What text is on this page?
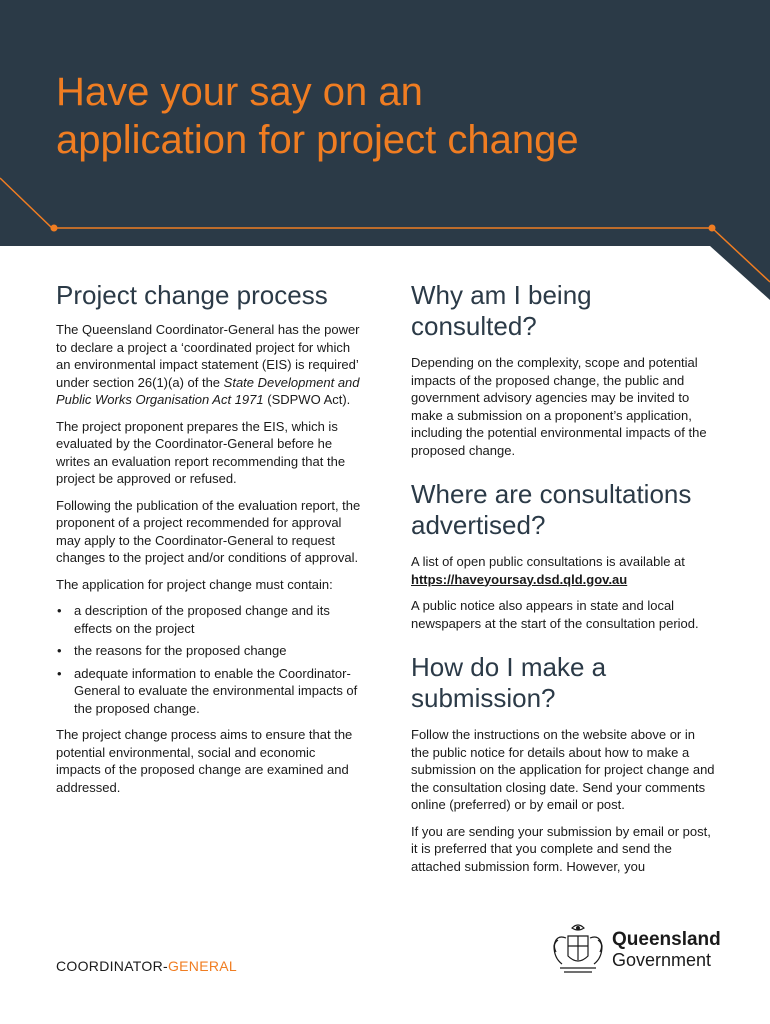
Have your say on an
application for project change
Project change process

The Queensland Coordinator-General has the power to declare a project a ‘coordinated project for which an environmental impact statement (EIS) is required’ under section 26(1)(a) of the State Development and Public Works Organisation Act 1971 (SDPWO Act).

The project proponent prepares the EIS, which is evaluated by the Coordinator-General before he writes an evaluation report recommending that the project be approved or refused.

Following the publication of the evaluation report, the proponent of a project recommended for approval may apply to the Coordinator-General to request changes to the project and/or conditions of approval.

The application for project change must contain:

• a description of the proposed change and its effects on the project
• the reasons for the proposed change
• adequate information to enable the Coordinator-General to evaluate the environmental impacts of the proposed change.

The project change process aims to ensure that the potential environmental, social and economic impacts of the proposed change are examined and addressed.

Why am I being consulted?

Depending on the complexity, scope and potential impacts of the proposed change, the public and government advisory agencies may be invited to make a submission on a proponent’s application, including the potential environmental impacts of the proposed change.

Where are consultations advertised?

A list of open public consultations is available at
https://haveyoursay.dsd.qld.gov.au

A public notice also appears in state and local newspapers at the start of the consultation period.

How do I make a submission?

Follow the instructions on the website above or in the public notice for details about how to make a submission on the application for project change and the consultation closing date. Send your comments online (preferred) or by email or post.

If you are sending your submission by email or post, it is preferred that you complete and send the attached submission form. However, you

COORDINATOR-GENERAL
Queensland
Government
